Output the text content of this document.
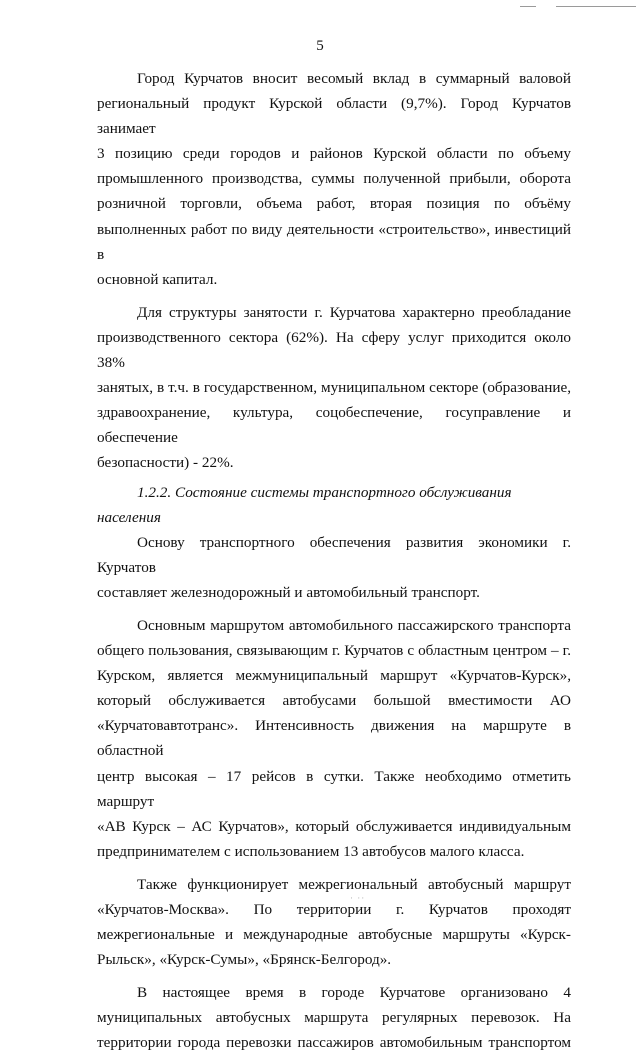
5

Город Курчатов вносит весомый вклад в суммарный валовой

региональный продукт Курской области (9,7%). Город Курчатов занимает

3 позицию среди городов и районов Курской области по объему

промышленного производства, суммы полученной прибыли, оборота

розничной торговли, объема работ, вторая позиция по объёму

выполненных работ по виду деятельности «строительство», инвестиций в

основной капитал.

Для структуры занятости г. Курчатова характерно преобладание

производственного сектора (62%). На сферу услуг приходится около 38%

занятых, в т.ч. в государственном, муниципальном секторе (образование,

здравоохранение, культура, соцобеспечение, госуправление и обеспечение

безопасности) - 22%.

1.2.2. Состояние системы транспортного обслуживания населения

Основу транспортного обеспечения развития экономики г. Курчатов

составляет железнодорожный и автомобильный транспорт.

Основным маршрутом автомобильного пассажирского транспорта

общего пользования, связывающим г. Курчатов с областным центром – г.

Курском, является межмуниципальный маршрут «Курчатов-Курск»,

который обслуживается автобусами большой вместимости АО

«Курчатовавтотранс». Интенсивность движения на маршруте в областной

центр высокая – 17 рейсов в сутки. Также необходимо отметить маршрут

«АВ Курск – АС Курчатов», который обслуживается индивидуальным

предпринимателем с использованием 13 автобусов малого класса.

Также функционирует межрегиональный автобусный маршрут

«Курчатов-Москва». По территории г. Курчатов проходят

межрегиональные и международные автобусные маршруты «Курск-

Рыльск», «Курск-Сумы», «Брянск-Белгород».

В настоящее время в городе Курчатове организовано 4

муниципальных автобусных маршрута регулярных перевозок. На

территории города перевозки пассажиров автомобильным транспортом

· ··
